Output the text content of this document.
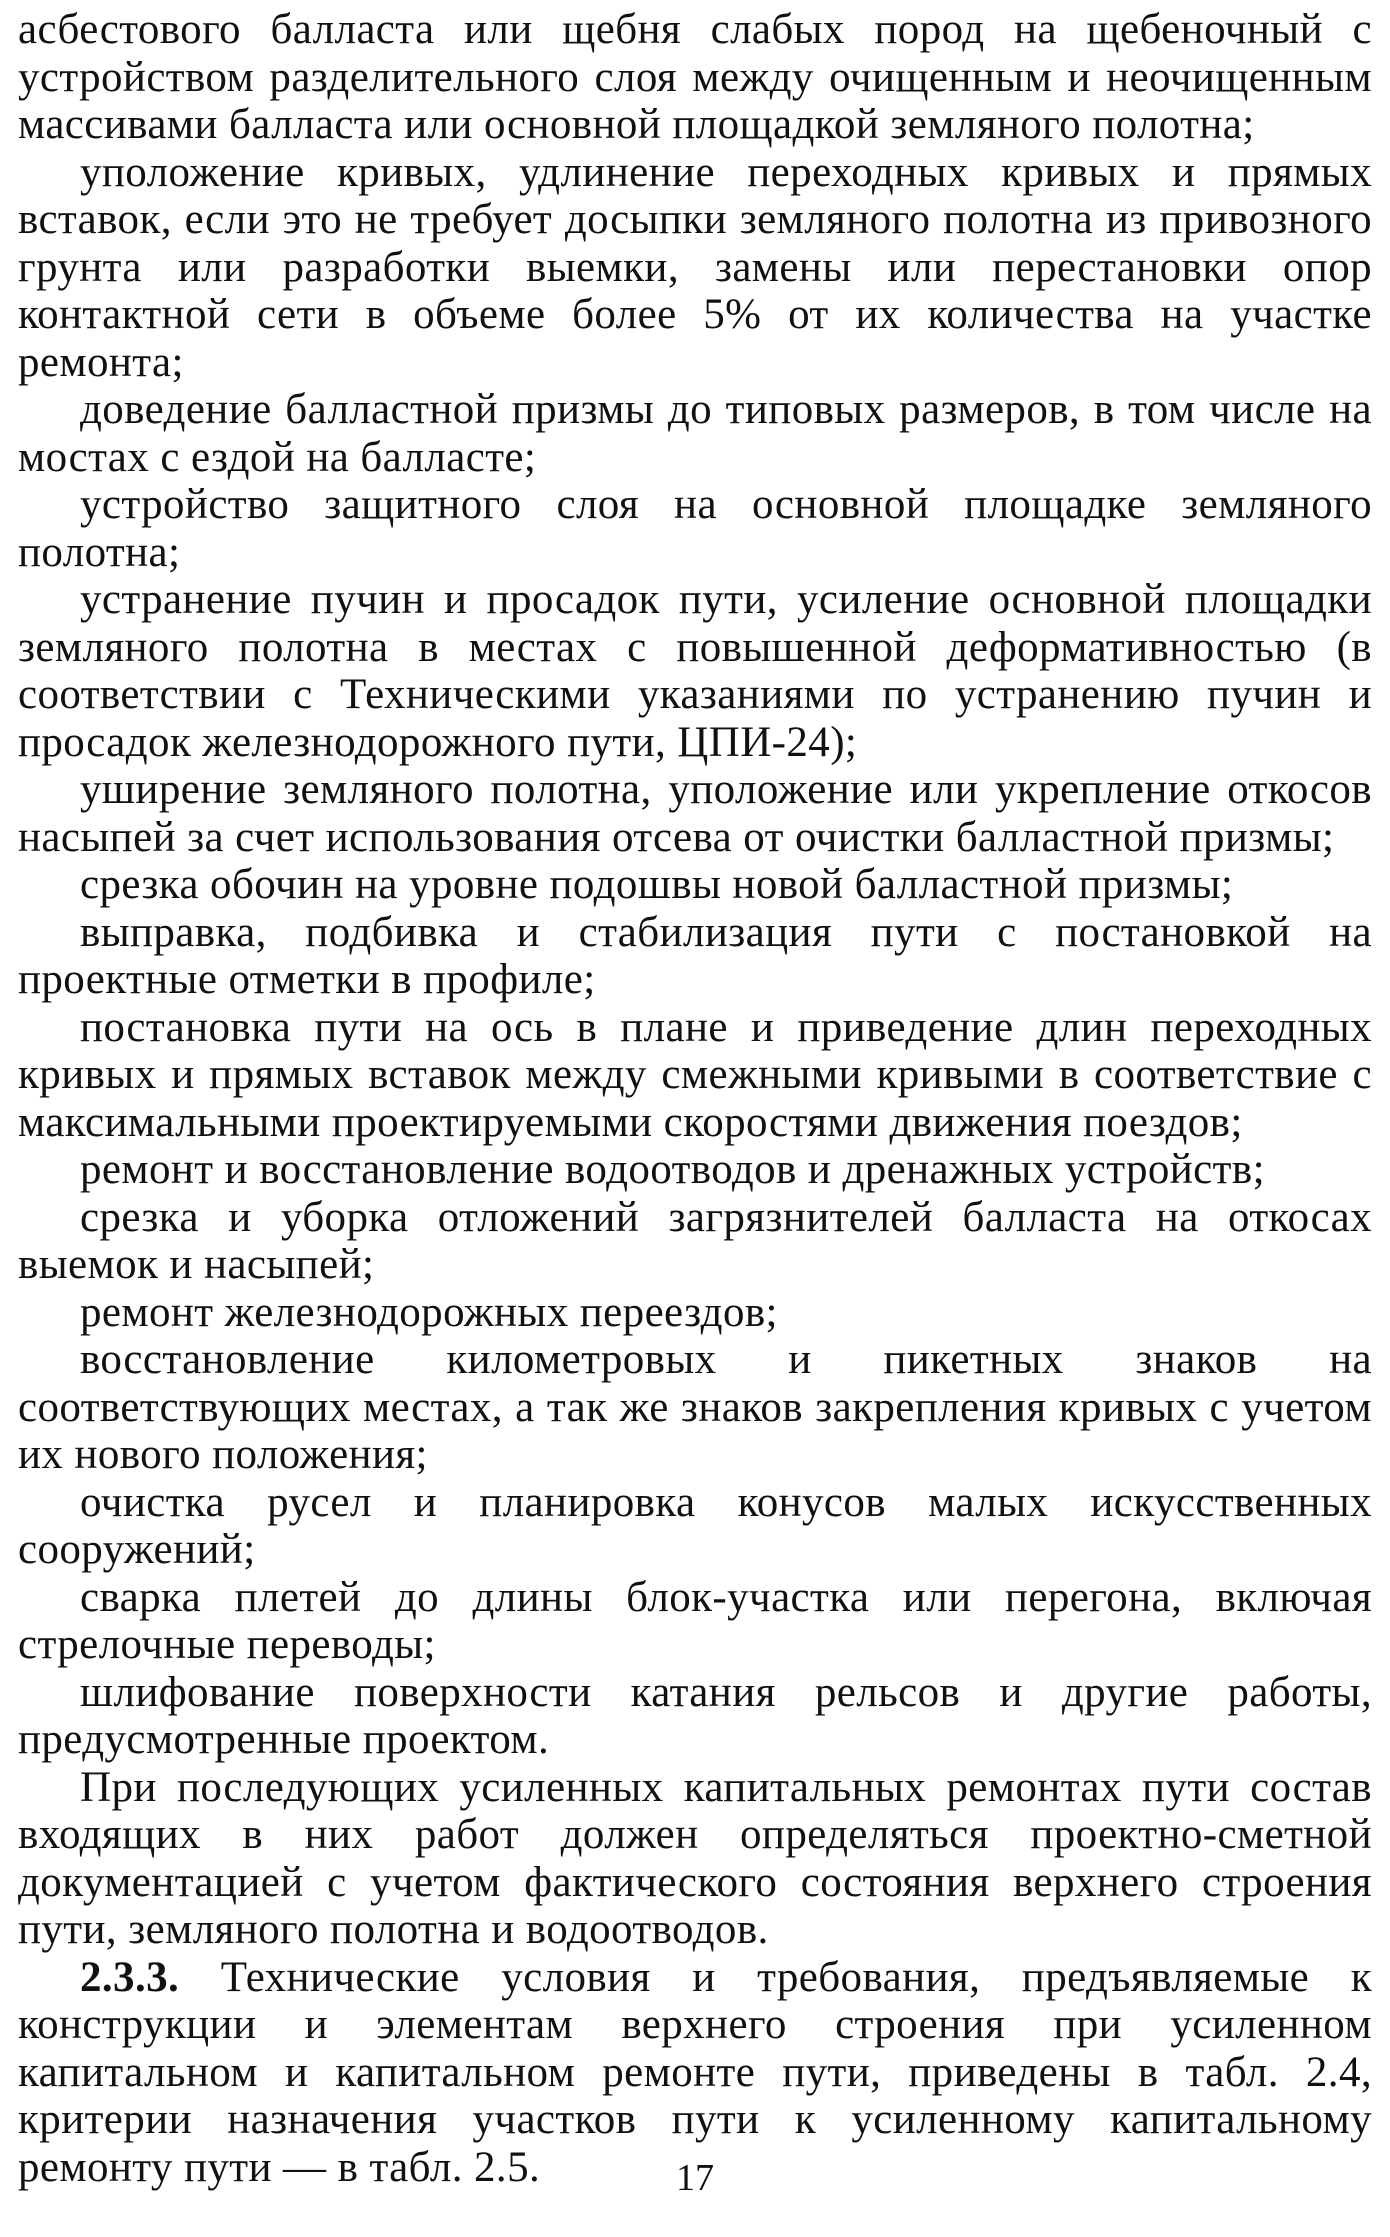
асбестового балласта или щебня слабых пород на щебеночный с устройством разделительного слоя между очищенным и неочищенным массивами балласта или основной площадкой земляного полотна;

уположение кривых, удлинение переходных кривых и прямых вставок, если это не требует досыпки земляного полотна из привозного грунта или разработки выемки, замены или перестановки опор контактной сети в объеме более 5% от их количества на участке ремонта;

доведение балластной призмы до типовых размеров, в том числе на мостах с ездой на балласте;

устройство защитного слоя на основной площадке земляного полотна;

устранение пучин и просадок пути, усиление основной площадки земляного полотна в местах с повышенной деформативностью (в соответствии с Техническими указаниями по устранению пучин и просадок железнодорожного пути, ЦПИ-24);

уширение земляного полотна, уположение или укрепление откосов насыпей за счет использования отсева от очистки балластной призмы;

срезка обочин на уровне подошвы новой балластной призмы;

выправка, подбивка и стабилизация пути с постановкой на проектные отметки в профиле;

постановка пути на ось в плане и приведение длин переходных кривых и прямых вставок между смежными кривыми в соответствие с максимальными проектируемыми скоростями движения поездов;

ремонт и восстановление водоотводов и дренажных устройств;

срезка и уборка отложений загрязнителей балласта на откосах выемок и насыпей;

ремонт железнодорожных переездов;

восстановление километровых и пикетных знаков на соответствующих местах, а так же знаков закрепления кривых с учетом их нового положения;

очистка русел и планировка конусов малых искусственных сооружений;

сварка плетей до длины блок-участка или перегона, включая стрелочные переводы;

шлифование поверхности катания рельсов и другие работы, предусмотренные проектом.

При последующих усиленных капитальных ремонтах пути состав входящих в них работ должен определяться проектно-сметной документацией с учетом фактического состояния верхнего строения пути, земляного полотна и водоотводов.

2.3.3. Технические условия и требования, предъявляемые к конструкции и элементам верхнего строения при усиленном капитальном и капитальном ремонте пути, приведены в табл. 2.4, критерии назначения участков пути к усиленному капитальному ремонту пути — в табл. 2.5.	17
